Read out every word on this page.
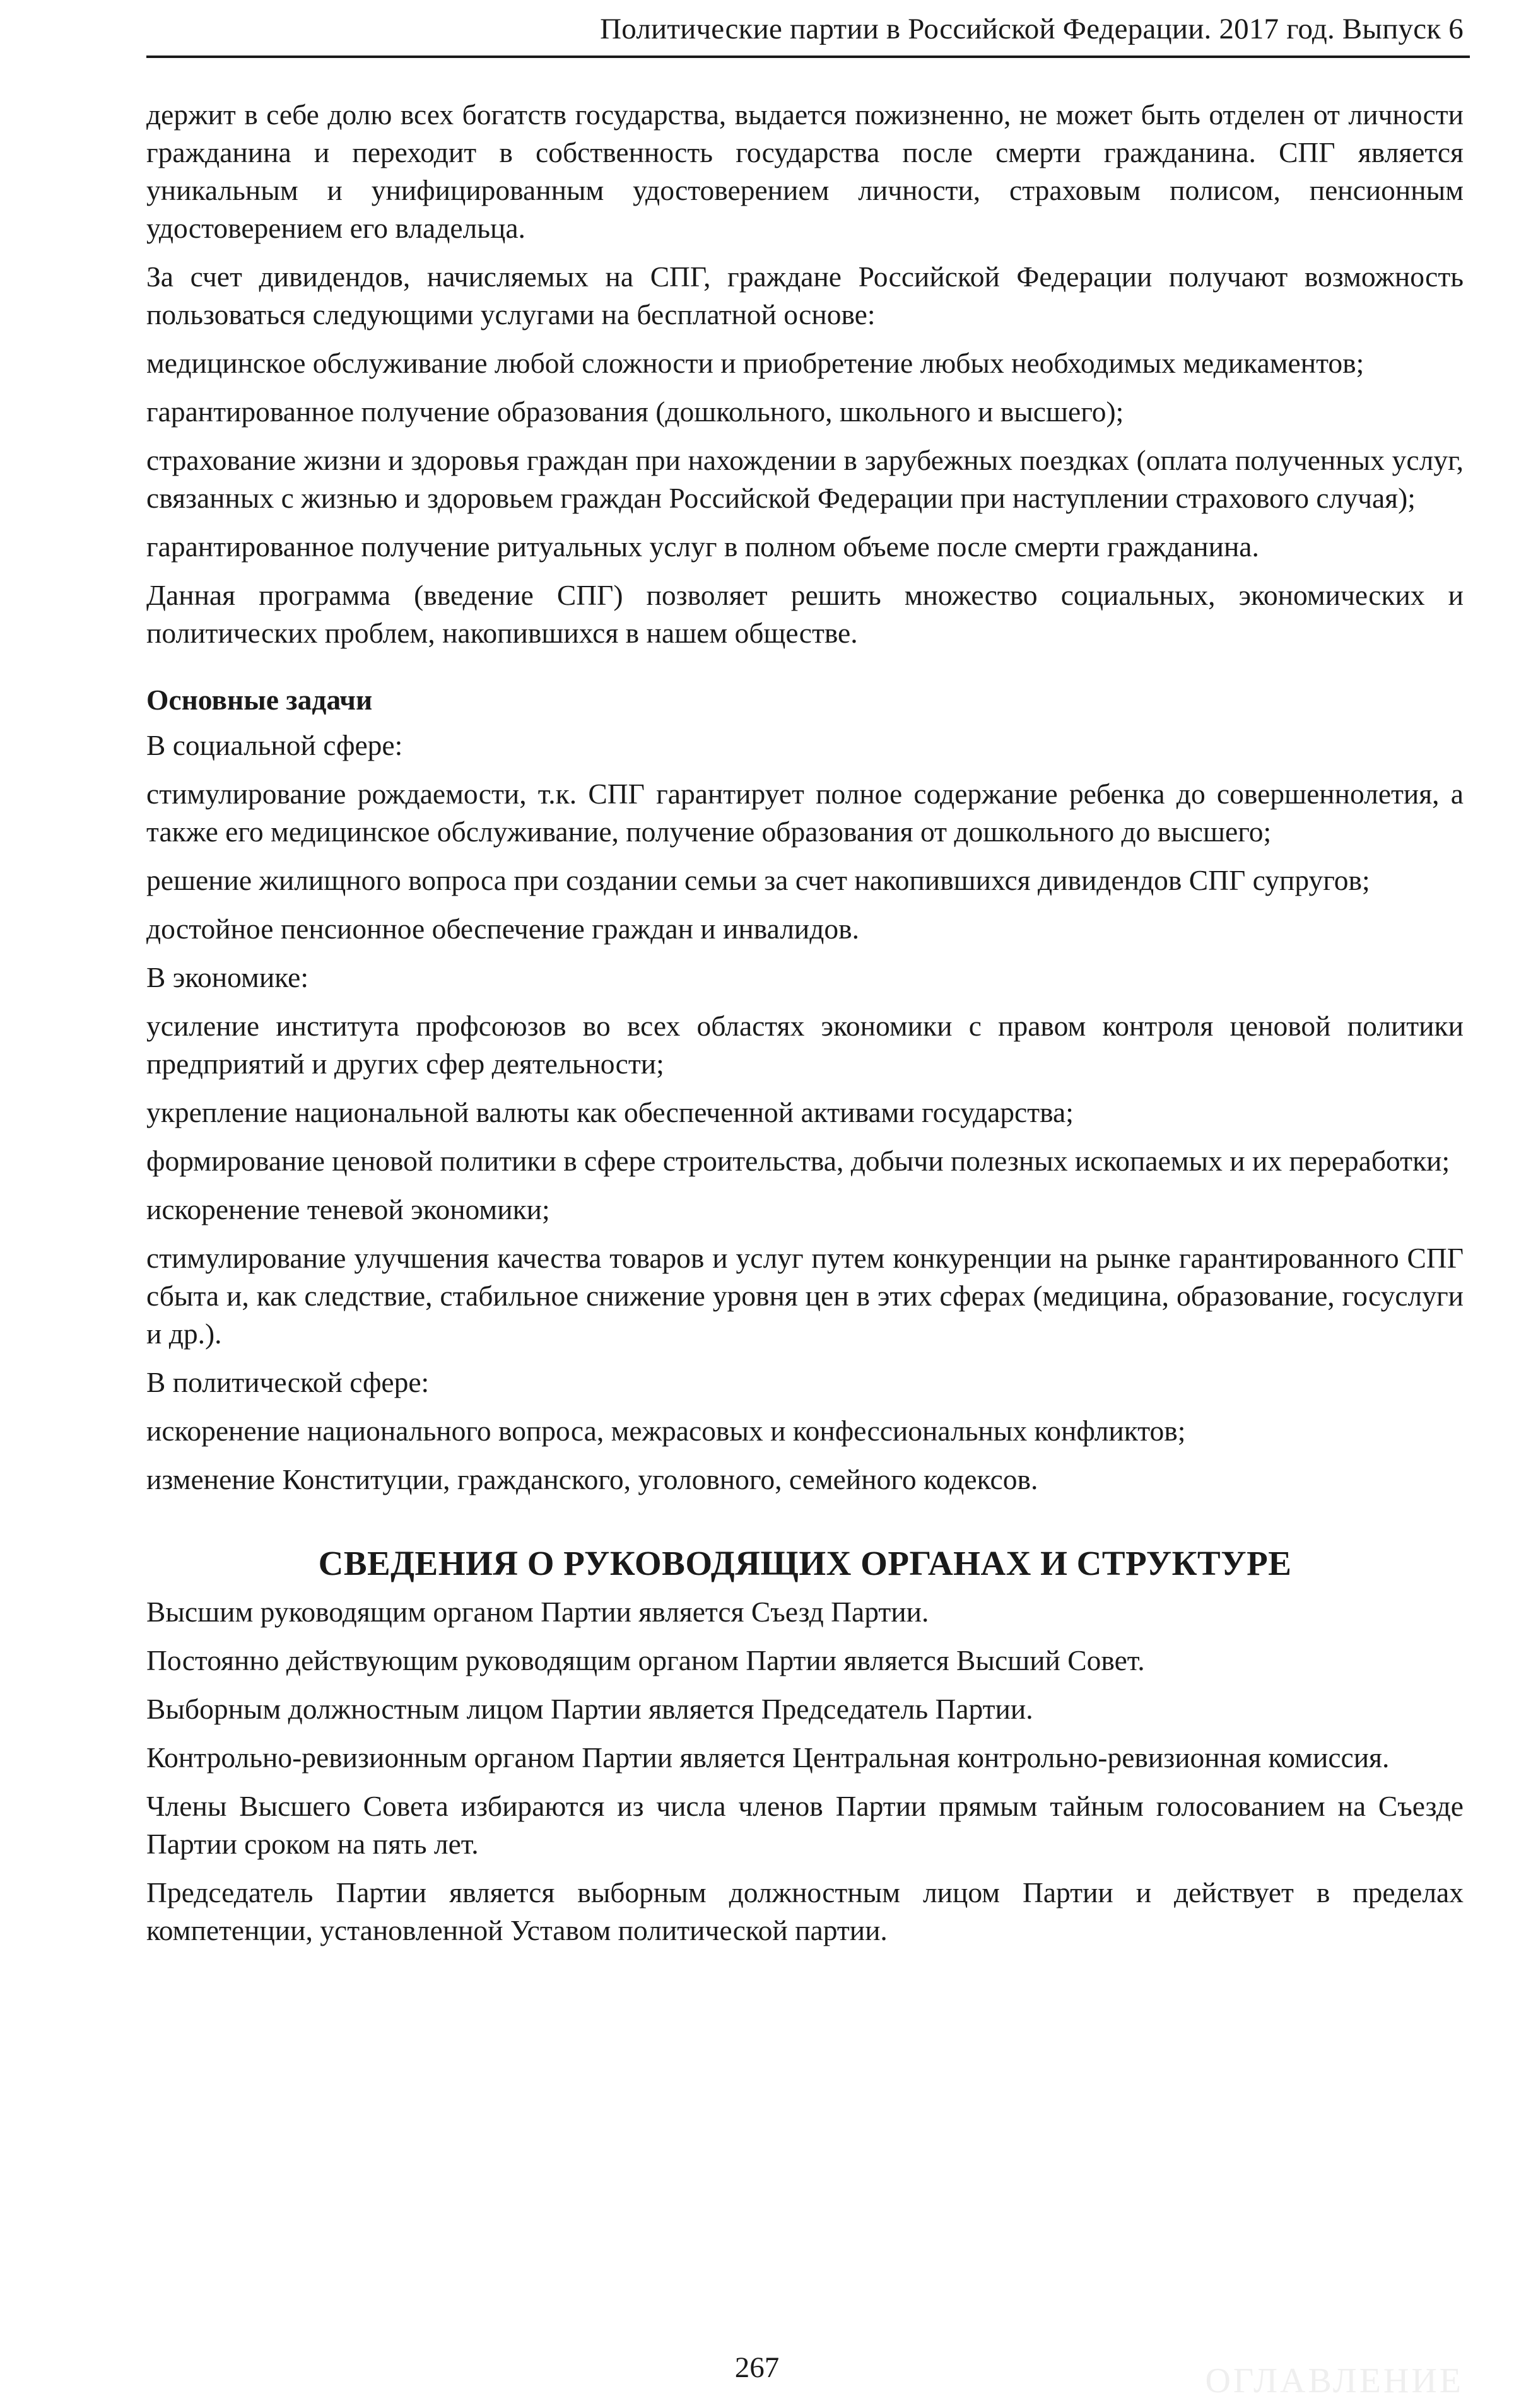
Политические партии в Российской Федерации. 2017 год. Выпуск 6

держит в себе долю всех богатств государства, выдается пожизненно, не может быть отделен от личности гражданина и переходит в собственность государства после смерти гражданина. СПГ является уникальным и унифицированным удостоверением личности, страховым полисом, пенсионным удостоверением его владельца.

За счет дивидендов, начисляемых на СПГ, граждане Российской Федерации получают возможность пользоваться следующими услугами на бесплатной основе:

медицинское обслуживание любой сложности и приобретение любых необходимых медикаментов;

гарантированное получение образования (дошкольного, школьного и высшего);

страхование жизни и здоровья граждан при нахождении в зарубежных поездках (оплата полученных услуг, связанных с жизнью и здоровьем граждан Российской Федерации при наступлении страхового случая);

гарантированное получение ритуальных услуг в полном объеме после смерти гражданина.

Данная программа (введение СПГ) позволяет решить множество социальных, экономических и политических проблем, накопившихся в нашем обществе.

Основные задачи

В социальной сфере:

стимулирование рождаемости, т.к. СПГ гарантирует полное содержание ребенка до совершеннолетия, а также его медицинское обслуживание, получение образования от дошкольного до высшего;

решение жилищного вопроса при создании семьи за счет накопившихся дивидендов СПГ супругов;

достойное пенсионное обеспечение граждан и инвалидов.

В экономике:

усиление института профсоюзов во всех областях экономики с правом контроля ценовой политики предприятий и других сфер деятельности;

укрепление национальной валюты как обеспеченной активами государства;

формирование ценовой политики в сфере строительства, добычи полезных ископаемых и их переработки;

искоренение теневой экономики;

стимулирование улучшения качества товаров и услуг путем конкуренции на рынке гарантированного СПГ сбыта и, как следствие, стабильное снижение уровня цен в этих сферах (медицина, образование, госуслуги и др.).

В политической сфере:

искоренение национального вопроса, межрасовых и конфессиональных конфликтов;

изменение Конституции, гражданского, уголовного, семейного кодексов.

СВЕДЕНИЯ О РУКОВОДЯЩИХ ОРГАНАХ И СТРУКТУРЕ

Высшим руководящим органом Партии является Съезд Партии.

Постоянно действующим руководящим органом Партии является Высший Совет.

Выборным должностным лицом Партии является Председатель Партии.

Контрольно-ревизионным органом Партии является Центральная контрольно-ревизионная комиссия.

Члены Высшего Совета избираются из числа членов Партии прямым тайным голосованием на Съезде Партии сроком на пять лет.

Председатель Партии является выборным должностным лицом Партии и действует в пределах компетенции, установленной Уставом политической партии.

267	ОГЛАВЛЕНИЕ
